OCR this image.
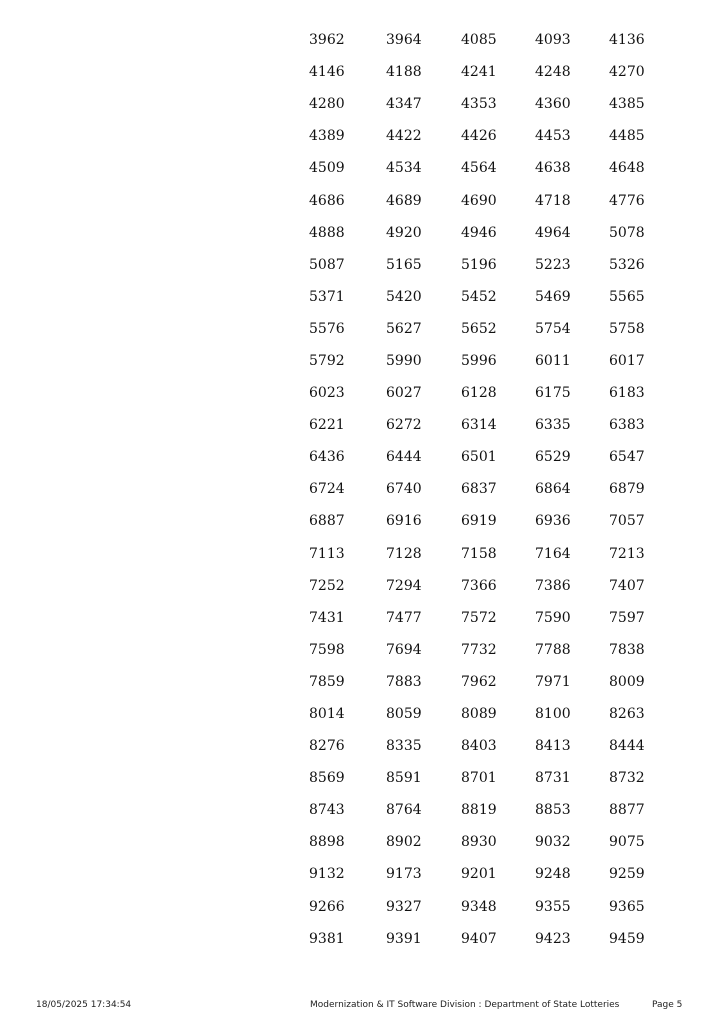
3962	3964	4085	4093	4136
4146	4188	4241	4248	4270
4280	4347	4353	4360	4385
4389	4422	4426	4453	4485
4509	4534	4564	4638	4648
4686	4689	4690	4718	4776
4888	4920	4946	4964	5078
5087	5165	5196	5223	5326
5371	5420	5452	5469	5565
5576	5627	5652	5754	5758
5792	5990	5996	6011	6017
6023	6027	6128	6175	6183
6221	6272	6314	6335	6383
6436	6444	6501	6529	6547
6724	6740	6837	6864	6879
6887	6916	6919	6936	7057
7113	7128	7158	7164	7213
7252	7294	7366	7386	7407
7431	7477	7572	7590	7597
7598	7694	7732	7788	7838
7859	7883	7962	7971	8009
8014	8059	8089	8100	8263
8276	8335	8403	8413	8444
8569	8591	8701	8731	8732
8743	8764	8819	8853	8877
8898	8902	8930	9032	9075
9132	9173	9201	9248	9259
9266	9327	9348	9355	9365
9381	9391	9407	9423	9459
18/05/2025 17:34:54	Modernization & IT Software Division : Department of State Lotteries	Page 5
